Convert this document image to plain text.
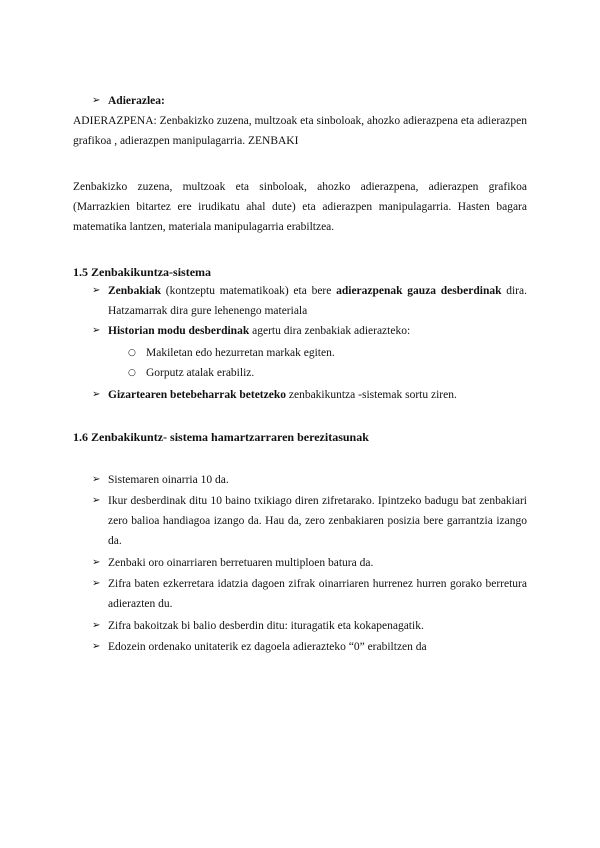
➢ Adierazlea:

ADIERAZPENA: Zenbakizko zuzena, multzoak eta sinboloak, ahozko adierazpena eta adierazpen grafikoa , adierazpen manipulagarria. ZENBAKI

Zenbakizko zuzena, multzoak eta sinboloak, ahozko adierazpena, adierazpen grafikoa (Marrazkien bitartez ere irudikatu ahal dute) eta adierazpen manipulagarria. Hasten bagara matematika lantzen, materiala manipulagarria erabiltzea.

1.5 Zenbakikuntza-sistema
➢ Zenbakiak (kontzeptu matematikoak) eta bere adierazpenak gauza desberdinak dira. Hatzamarrak dira gure lehenengo materiala
➢ Historian modu desberdinak agertu dira zenbakiak adierazteko:
○ Makiletan edo hezurretan markak egiten.
○ Gorputz atalak erabiliz.
➢ Gizartearen betebeharrak betetzeko zenbakikuntza -sistemak sortu ziren.
1.6 Zenbakikuntz- sistema hamartzarraren berezitasunak
➢ Sistemaren oinarria 10 da.
➢ Ikur desberdinak ditu 10 baino txikiago diren zifretarako. Ipintzeko badugu bat zenbakiari zero balioa handiagoa izango da. Hau da, zero zenbakiaren posizia bere garrantzia izango da.
➢ Zenbaki oro oinarriaren berretuaren multiploen batura da.
➢ Zifra baten ezkerretara idatzia dagoen zifrak oinarriaren hurrenez hurren gorako berretura adierazten du.
➢ Zifra bakoitzak bi balio desberdin ditu: ituragatik eta kokapenagatik.
➢ Edozein ordenako unitaterik ez dagoela adierazteko “0” erabiltzen da
